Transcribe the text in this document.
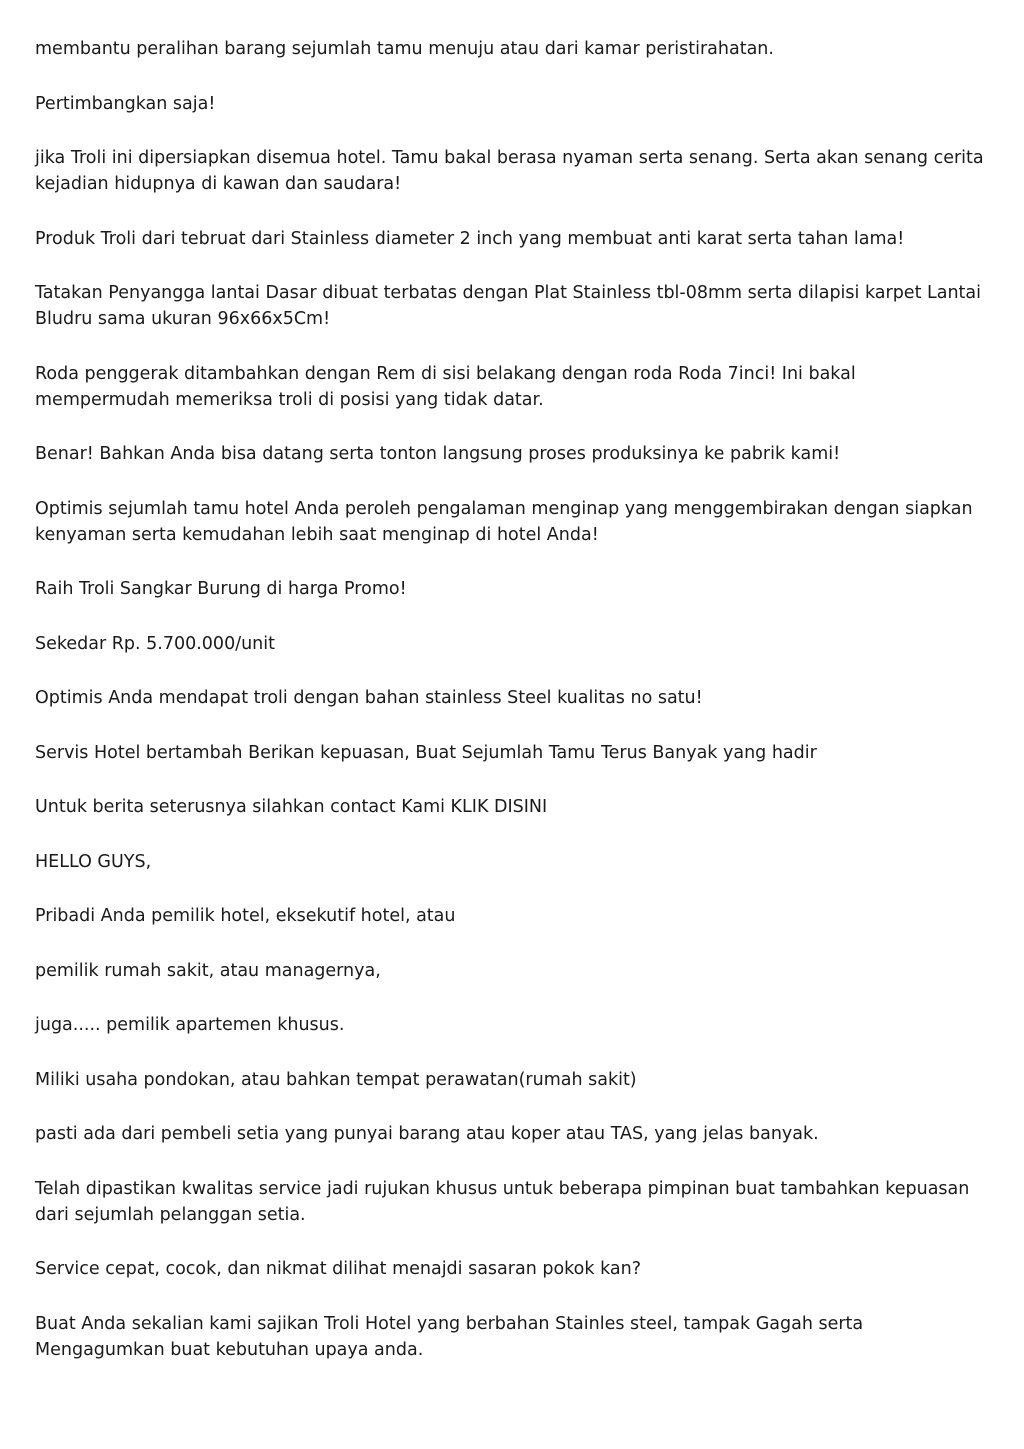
membantu peralihan barang sejumlah tamu menuju atau dari kamar peristirahatan.

Pertimbangkan saja!

jika Troli ini dipersiapkan disemua hotel. Tamu bakal berasa nyaman serta senang. Serta akan senang cerita kejadian hidupnya di kawan dan saudara!

Produk Troli dari tebruat dari Stainless diameter 2 inch yang membuat anti karat serta tahan lama!

Tatakan Penyangga lantai Dasar dibuat terbatas dengan Plat Stainless tbl-08mm serta dilapisi karpet Lantai Bludru sama ukuran 96x66x5Cm!

Roda penggerak ditambahkan dengan Rem di sisi belakang dengan roda Roda 7inci! Ini bakal mempermudah memeriksa troli di posisi yang tidak datar.

Benar! Bahkan Anda bisa datang serta tonton langsung proses produksinya ke pabrik kami!

Optimis sejumlah tamu hotel Anda peroleh pengalaman menginap yang menggembirakan dengan siapkan kenyaman serta kemudahan lebih saat menginap di hotel Anda!

Raih Troli Sangkar Burung di harga Promo!

Sekedar Rp. 5.700.000/unit

Optimis Anda mendapat troli dengan bahan stainless Steel kualitas no satu!

Servis Hotel bertambah Berikan kepuasan, Buat Sejumlah Tamu Terus Banyak yang hadir

Untuk berita seterusnya silahkan contact Kami KLIK DISINI

HELLO GUYS,

Pribadi Anda pemilik hotel, eksekutif hotel, atau

pemilik rumah sakit, atau managernya,

juga..... pemilik apartemen khusus.

Miliki usaha pondokan, atau bahkan tempat perawatan(rumah sakit)

pasti ada dari pembeli setia yang punyai barang atau koper atau TAS, yang jelas banyak.

Telah dipastikan kwalitas service jadi rujukan khusus untuk beberapa pimpinan buat tambahkan kepuasan dari sejumlah pelanggan setia.

Service cepat, cocok, dan nikmat dilihat menajdi sasaran pokok kan?

Buat Anda sekalian kami sajikan Troli Hotel yang berbahan Stainles steel, tampak Gagah serta Mengagumkan buat kebutuhan upaya anda.
